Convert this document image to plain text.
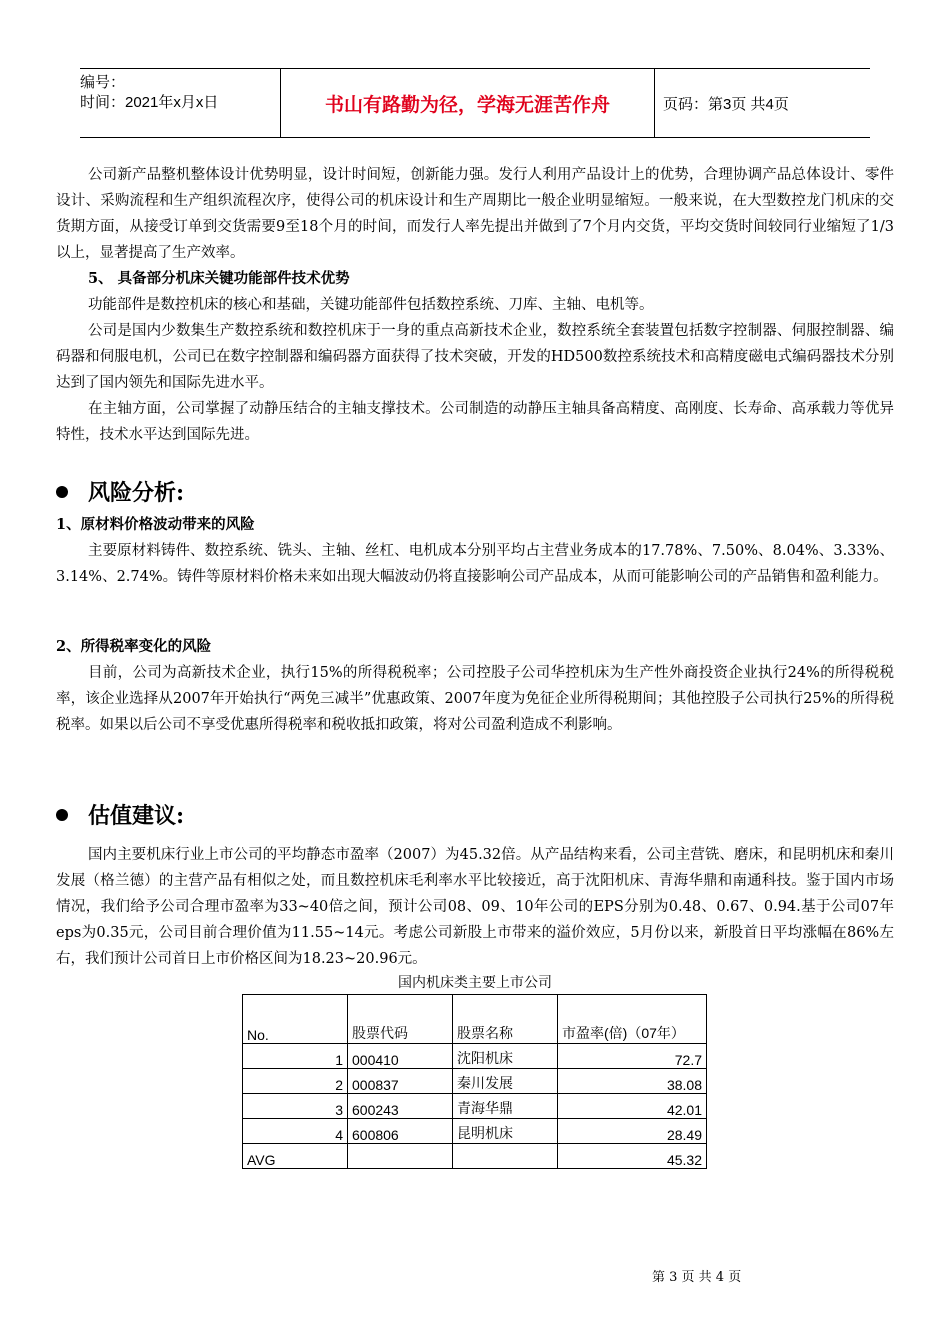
编号：
时间：2021年x月x日	书山有路勤为径，学海无涯苦作舟	页码：第3页 共4页

公司新产品整机整体设计优势明显，设计时间短，创新能力强。发行人利用产品设计上的优势，合理协调产品总体设计、零件设计、采购流程和生产组织流程次序，使得公司的机床设计和生产周期比一般企业明显缩短。一般来说，在大型数控龙门机床的交货期方面，从接受订单到交货需要9至18个月的时间，而发行人率先提出并做到了7个月内交货，平均交货时间较同行业缩短了1/3以上，显著提高了生产效率。

5、 具备部分机床关键功能部件技术优势

功能部件是数控机床的核心和基础，关键功能部件包括数控系统、刀库、主轴、电机等。

公司是国内少数集生产数控系统和数控机床于一身的重点高新技术企业，数控系统全套装置包括数字控制器、伺服控制器、编码器和伺服电机，公司已在数字控制器和编码器方面获得了技术突破，开发的HD500数控系统技术和高精度磁电式编码器技术分别达到了国内领先和国际先进水平。

在主轴方面，公司掌握了动静压结合的主轴支撑技术。公司制造的动静压主轴具备高精度、高刚度、长寿命、高承载力等优异特性，技术水平达到国际先进。

风险分析:

1、原材料价格波动带来的风险

主要原材料铸件、数控系统、铣头、主轴、丝杠、电机成本分别平均占主营业务成本的17.78%、7.50%、8.04%、3.33%、3.14%、2.74%。铸件等原材料价格未来如出现大幅波动仍将直接影响公司产品成本，从而可能影响公司的产品销售和盈利能力。

2、所得税率变化的风险

目前，公司为高新技术企业，执行15%的所得税税率；公司控股子公司华控机床为生产性外商投资企业执行24%的所得税税率，该企业选择从2007年开始执行“两免三减半”优惠政策、2007年度为免征企业所得税期间；其他控股子公司执行25%的所得税税率。如果以后公司不享受优惠所得税率和税收抵扣政策，将对公司盈利造成不利影响。

估值建议:

国内主要机床行业上市公司的平均静态市盈率（2007）为45.32倍。从产品结构来看，公司主营铣、磨床，和昆明机床和秦川发展（格兰德）的主营产品有相似之处，而且数控机床毛利率水平比较接近，高于沈阳机床、青海华鼎和南通科技。鉴于国内市场情况，我们给予公司合理市盈率为33~40倍之间，预计公司08、09、10年公司的EPS分别为0.48、0.67、0.94.基于公司07年eps为0.35元，公司目前合理价值为11.55~14元。考虑公司新股上市带来的溢价效应，5月份以来，新股首日平均涨幅在86%左右，我们预计公司首日上市价格区间为18.23~20.96元。

国内机床类主要上市公司
No.	股票代码	股票名称	市盈率(倍)（07年）
1	000410	沈阳机床	72.7
2	000837	秦川发展	38.08
3	600243	青海华鼎	42.01
4	600806	昆明机床	28.49
AVG			45.32
第 3 页 共 4 页
